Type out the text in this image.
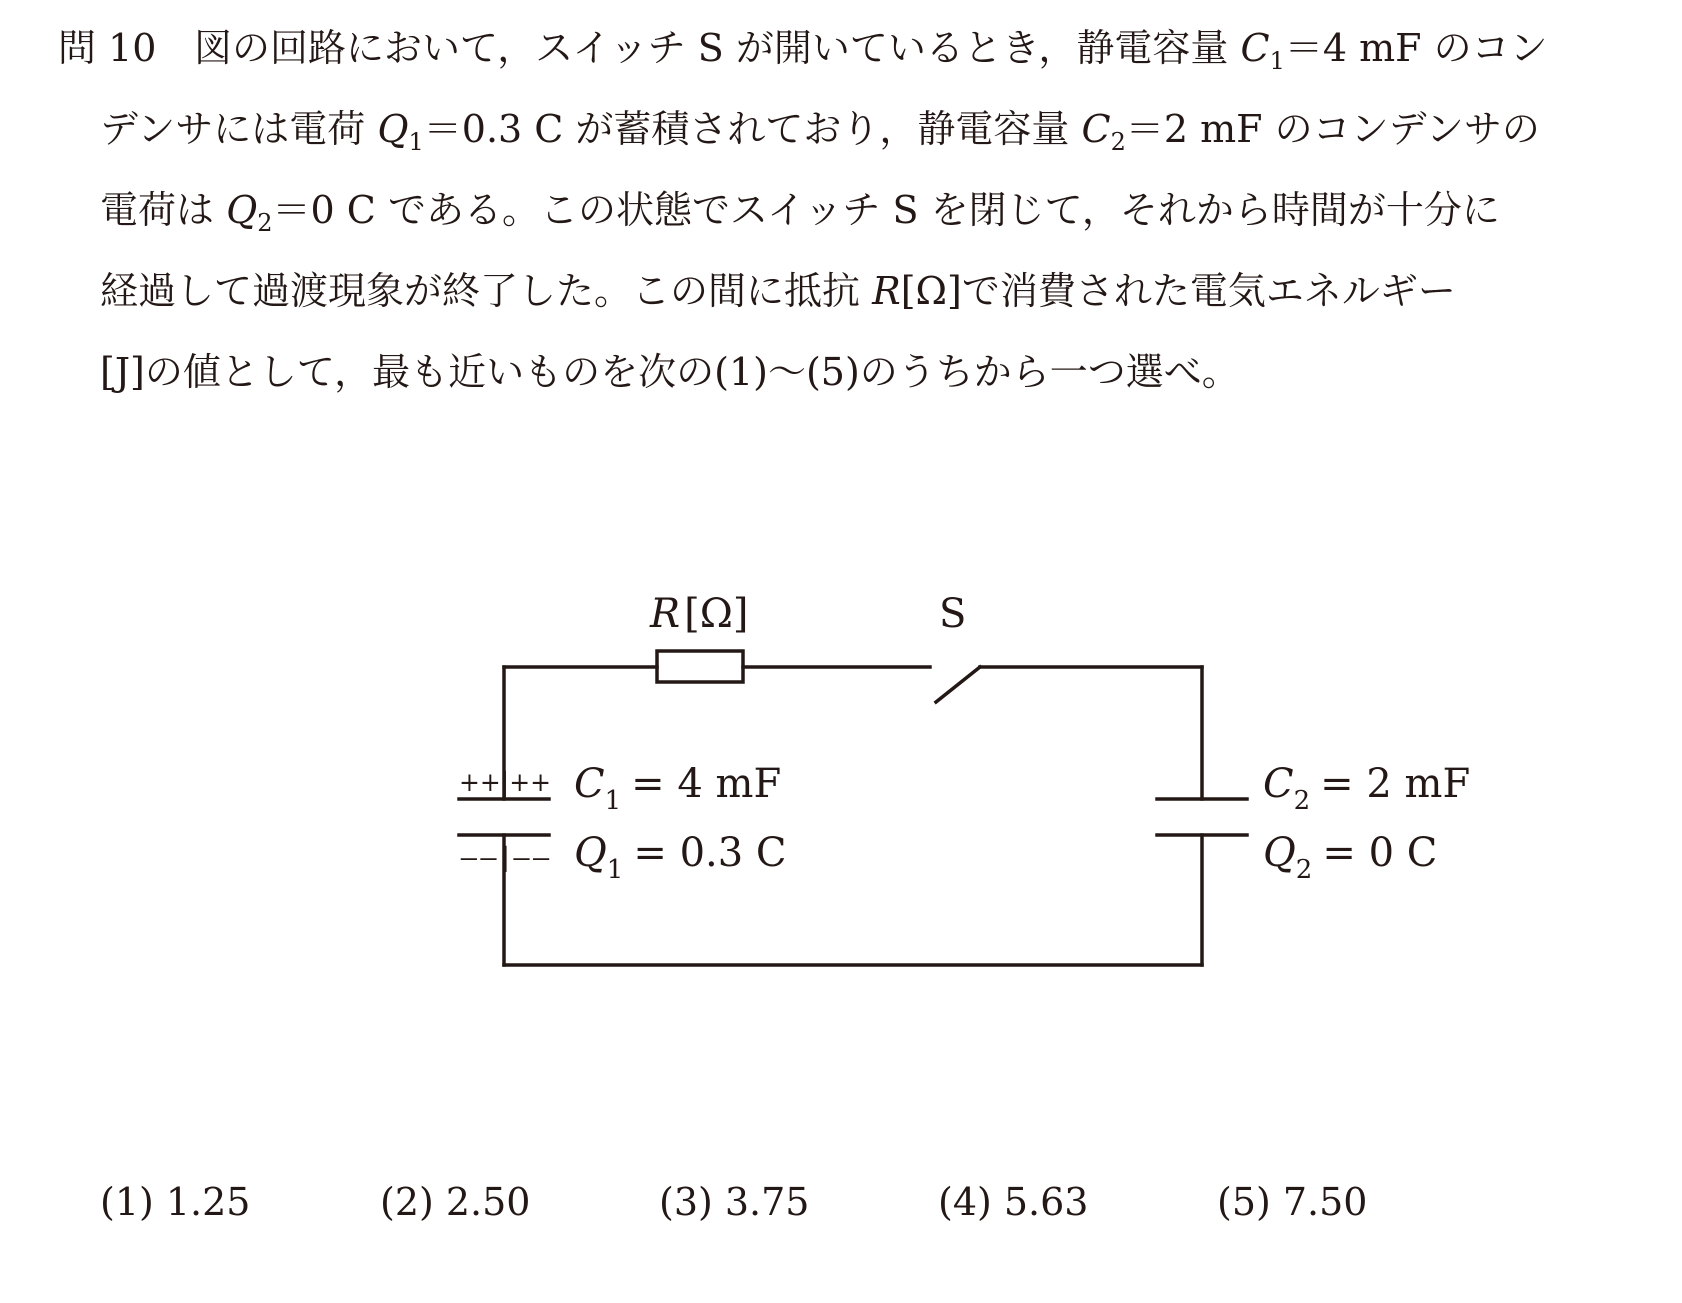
問 10 図の回路において，スイッチ S が開いているとき，静電容量 $C_1=4$ mF のコン
デンサには電荷 $Q_1=0.3$ C が蓄積されており，静電容量 $C_2=2$ mF のコンデンサの
電荷は $Q_2=0$ C である。この状態でスイッチ S を閉じて，それから時間が十分に
経過して過渡現象が終了した。この間に抵抗 R[Ω]で消費された電気エネルギー
[J]の値として，最も近いものを次の(1)～(5)のうちから一つ選べ。
R [Ω]	S
++|++
––|––
$C_1 = 4$ mF
$Q_1 = 0.3$ C
$C_2 = 2$ mF
$Q_2 = 0$ C
(1) 1.25	(2) 2.50	(3) 3.75	(4) 5.63	(5) 7.50
